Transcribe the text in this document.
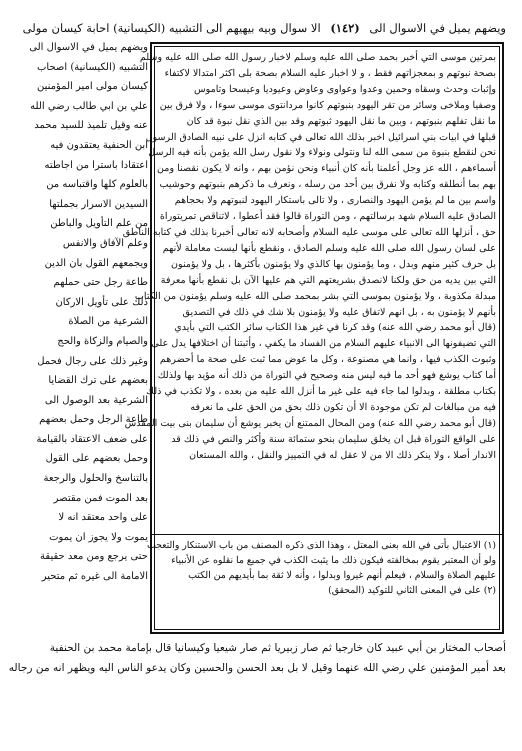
ويضهم يميل في الاسوال الى (١٤٢) الا سوال وبيه بيهيهم الى التشبيه (الكيسانية) احابة كيسان مولى
بمرتين موسى التي أخبر بحمد صلى الله عليه وسلم لاخبار رسول الله صلى الله عليه وسلم
بصحة نبوتهم و بمعجزاتهم فقط ، و لا اخبار عليه السلام بصحة بلى اكثر امتدالا لاكتفاء
وإثبات وحدث وسقاه وحمين وعدوا وعواوى وعاوض وعيوديا وعيسحا وتاموس
وصفيا وملاخى وسائر من تقر اليهود بنبوتهم كانوا مردانتوى موسى سوءا ، ولا فرق بين
ما نقل تفلهم بنبوتهم ، وبين ما نقل اليهود ثبوتهم وقد بين الذي نقل نبوة قد كان
قبلها في ابيات بني اسرائيل اخبر بذلك الله تعالى في كتابه انزل على نبيه الصادق الرسول
نحن لنقطع بنبوة من سمى الله لنا ونتولى ونولاء ولا نقول رسل الله يؤمن بأنه فيه الرسل
أسماءهم ، الله عز وجل أعلمنا بأنه كان أنبياء ونحن نؤمن بهم ، وانه لا يكون نقصنا ومن
بهم بما أنطلقه وكتابه ولا نفرق بين أحد من رسله ، ونعرف ما ذكرهم بنبوتهم وحوشيب
واسم بين ما لم يؤمن اليهود والنصارى ، ولا تالى باستكار اليهود لنبوتهم ولا بحجاهم
الصادق عليه السلام شهد برسالتهم ، ومن التوراة قالوا فقد أعطوا ، لاتناقص تمريتوراة
حق ، أنزلها الله تعالى على موسى عليه السلام وأصحابه لانه تعالى أخبرنا بذلك في كتابه الناطق
على لسان رسول الله صلى الله عليه وسلم الصادق ، ونقطع بأنها ليست معاملة لأنهم
بل حرف كثير منهم وبدل ، وما يؤمنون بها كالذي ولا يؤمنون بأكثرها ، بل ولا يؤمنون
التي بين يديه من حق ولكنا لانصدق بشريعتهم التي هم عليها الآن بل نقطع بأنها معرفة
مبدلة مكذوبة ، ولا يؤمنون بموسى التي بشر بمحمد صلى الله عليه وسلم يؤمنون من الكتاب
بأنهم لا يؤمنون به ، بل انهم لاتفاق عليه ولا يؤمنون بلا شك في ذلك في التصديق
(قال أبو محمد رضي الله عنه) وقد كرنا في غير هذا الكتاب سائر الكتب التي بأيدي
التي تضيفونها الى الانبياء عليهم السلام من الفساد ما يكفي ، وأثبتنا أن اختلافها يدل على
وثبوت الكذب فيها ، وانما هي مصنوعة ، وكل ما عوض مما ثبت على صحة ما أحضرهم
أما كتاب يوشع فهو أحد ما فيه ليس منه وصحيح في التوراة من ذلك أنه مؤيد بها ولذلك
بكتاب مطلقة ، وبدلوا لما جاء فيه على غير ما أنزل الله عليه من بعده ، ولا تكذب في ذلك
فيه من مبالغات لم تكن موجودة الا أن تكون ذلك بحق من الحق على ما نعرفه
(قال أبو محمد رضي الله عنه) ومن المحال الممتنع أن يخبر يوشع أن سليمان بنى بيت المقدس
على الواقع التوراة قبل ان يخلق سليمان بنحو ستمائة سنة وأكثر والنص في ذلك قد
الاندار أصلا ، ولا ينكر ذلك الا من لا عقل له في التمييز والنقل ، والله المستعان
(١) الاعتبال بأتى في الله بعنى المعتل ، وهذا الذى ذكره المصنف من باب الاستنكار والتعجب
ولو أن المعتبر يقوم بمخالفته فيكون ذلك ما يثبت الكذب في جميع ما نقلوه عن الأنبياء
عليهم الصلاة والسلام ، فيعلم أنهم غيروا وبدلوا ، وأنه لا ثقة بما بأيديهم من الكتب
(٢) على في المعنى الثاني للتوكيد (المحقق)
ويضهم يميل في الاسوال الى
التشبيه (الكيسانية) اصحاب
كيسان مولى امير المؤمنين
علي بن ابي طالب رضي الله
عنه وقيل تلميذ للسيد محمد
ابن الحنفية يعتقدون فيه
اعتقادا باسترا من اجاطته
بالعلوم كلها واقتباسه من
السيدين الاسرار بجملتها
من علم التأويل والباطن
وعلم الآفاق والانفس
ويجمعهم القول بان الدين
طاعة رجل حتى حملهم
ذلك على تأويل الاركان
الشرعية من الصلاة
والصيام والزكاة والحج
وغير ذلك على رجال فحمل
بعضهم على ترك القضايا
الشرعية بعد الوصول الى
طاعة الرجل وحمل بعضهم
على ضعف الاعتقاد بالقيامة
وحمل بعضهم على القول
بالتناسخ والحلول والرجعة
بعد الموت فمن مقتصر
على واحد معتقد انه لا
يموت ولا يجوز ان يموت
حتى يرجع ومن معد حقيقة
الامامة الى غيره ثم متحير
أصحاب المختار بن أبي عبيد كان خارجيا ثم صار زبيريا ثم صار شيعيا وكيسانيا قال بإمامة محمد بن الحنفية
بعد أمير المؤمنين علي رضي الله عنهما وقيل لا بل بعد الحسن والحسين وكان يدعو الناس اليه ويظهر انه من رجاله
